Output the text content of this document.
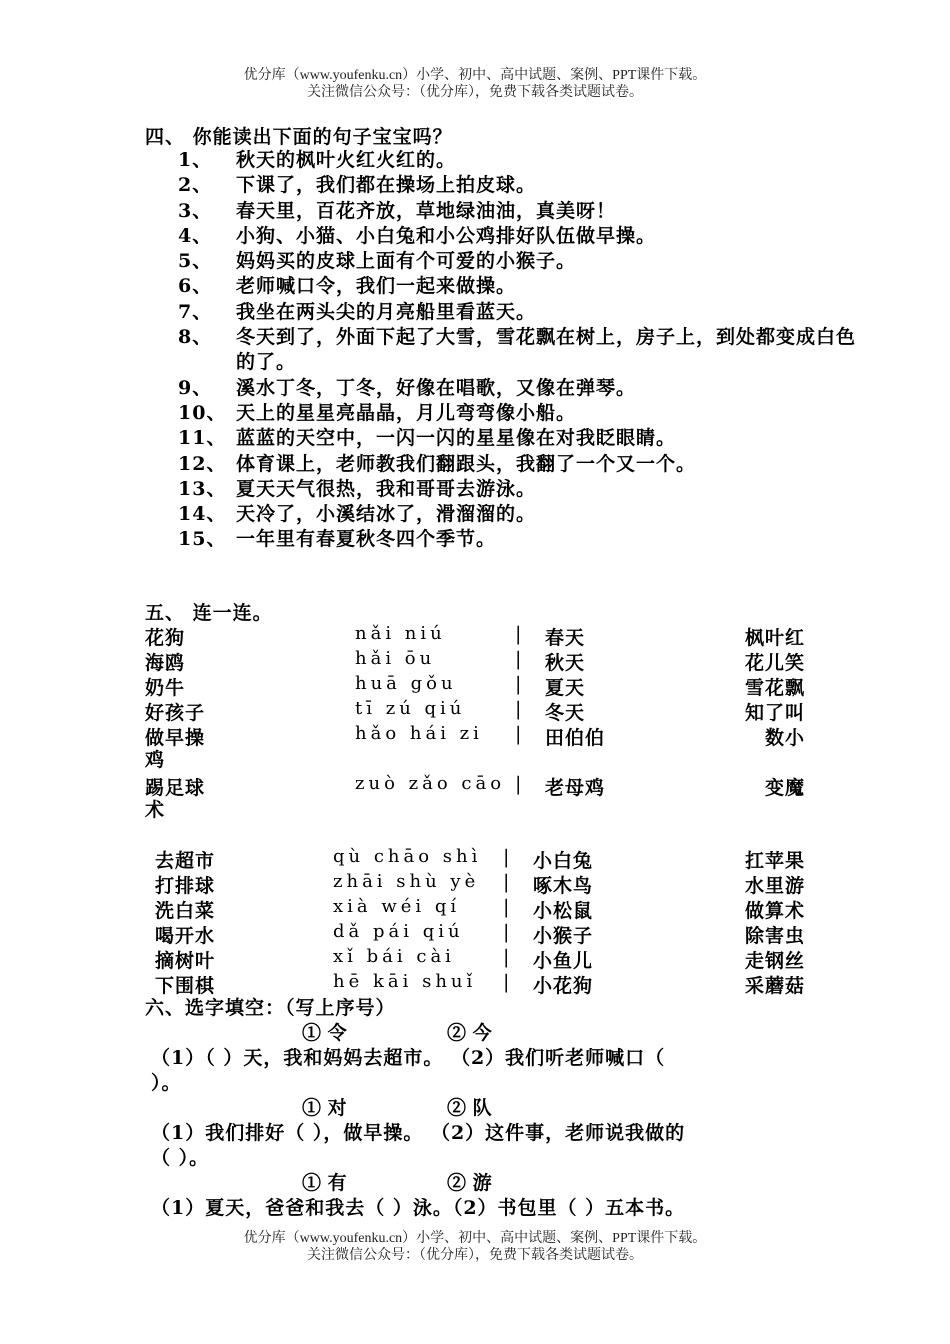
优分库（www.youfenku.cn）小学、初中、高中试题、案例、PPT课件下载。
关注微信公众号：（优分库），免费下载各类试题试卷。
四、 你能读出下面的句子宝宝吗？
1、	秋天的枫叶火红火红的。
2、	下课了，我们都在操场上拍皮球。
3、	春天里，百花齐放，草地绿油油，真美呀！
4、	小狗、小猫、小白兔和小公鸡排好队伍做早操。
5、	妈妈买的皮球上面有个可爱的小猴子。
6、	老师喊口令，我们一起来做操。
7、	我坐在两头尖的月亮船里看蓝天。
8、	冬天到了，外面下起了大雪，雪花飘在树上，房子上，到处都变成白色的了。
9、	溪水丁冬，丁冬，好像在唱歌，又像在弹琴。
10、 天上的星星亮晶晶，月儿弯弯像小船。
11、 蓝蓝的天空中，一闪一闪的星星像在对我眨眼睛。
12、 体育课上，老师教我们翻跟头，我翻了一个又一个。
13、 夏天天气很热，我和哥哥去游泳。
14、 天冷了，小溪结冰了，滑溜溜的。
15、 一年里有春夏秋冬四个季节。
五、 连一连。
花狗	nǎi niú	| 春天	枫叶红
海鸥	hǎi ōu	| 秋天	花儿笑
奶牛	huā gǒu	| 夏天	雪花飘
好孩子	tī zú qiú	| 冬天	知了叫
做早操	hǎo hái zi | 田伯伯	数小
鸡
踢足球	zuò zǎo cāo | 老母鸡	变魔
术
去超市	qù chāo shì | 小白兔	扛苹果
打排球	zhāi shù yè | 啄木鸟	水里游
洗白菜	xià wéi qí | 小松鼠	做算术
喝开水	dǎ pái qiú | 小猴子	除害虫
摘树叶	xǐ bái cài	| 小鱼儿	走钢丝
下围棋	hē kāi shuǐ | 小花狗	采蘑菇
六、选字填空：（写上序号）
① 令	② 今
（1）（ ）天，我和妈妈去超市。 （2）我们听老师喊口（
）。
① 对	② 队
（1）我们排好（ ），做早操。 （2）这件事，老师说我做的
（ ）。
① 有	② 游
（1）夏天，爸爸和我去（ ）泳。（2）书包里（ ）五本书。
优分库（www.youfenku.cn）小学、初中、高中试题、案例、PPT课件下载。
关注微信公众号：（优分库），免费下载各类试题试卷。
